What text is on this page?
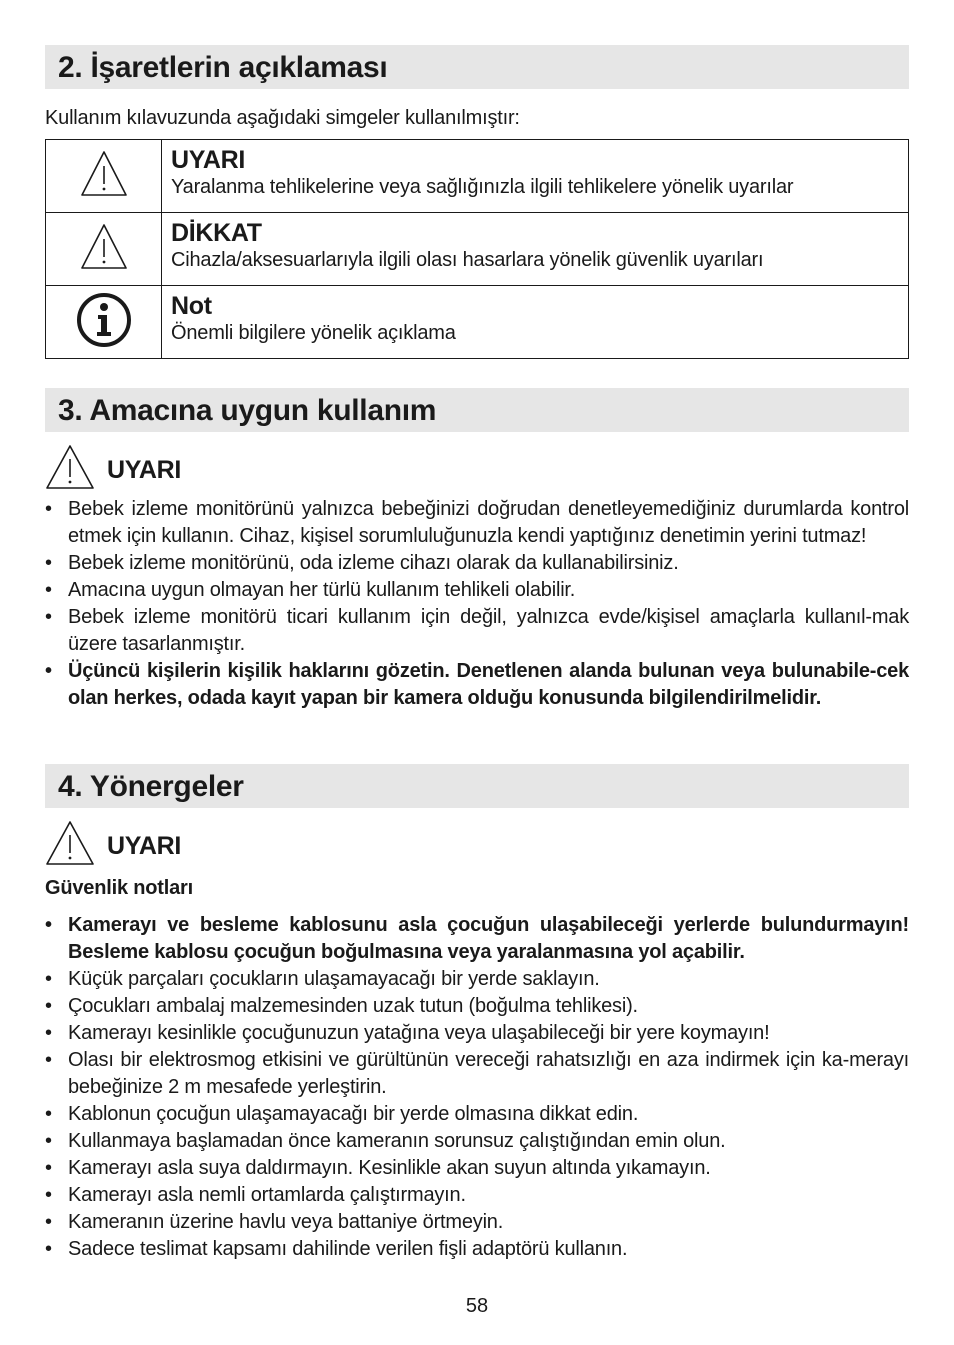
2. İşaretlerin açıklaması
Kullanım kılavuzunda aşağıdaki simgeler kullanılmıştır:

UYARI
Yaralanma tehlikelerine veya sağlığınızla ilgili tehlikelere yönelik uyarılar

DİKKAT
Cihazla/aksesuarlarıyla ilgili olası hasarlara yönelik güvenlik uyarıları

Not
Önemli bilgilere yönelik açıklama
3. Amacına uygun kullanım
UYARI
• Bebek izleme monitörünü yalnızca bebeğinizi doğrudan denetleyemediğiniz durumlarda kontrol etmek için kullanın. Cihaz, kişisel sorumluluğunuzla kendi yaptığınız denetimin yerini tutmaz!
• Bebek izleme monitörünü, oda izleme cihazı olarak da kullanabilirsiniz.
• Amacına uygun olmayan her türlü kullanım tehlikeli olabilir.
• Bebek izleme monitörü ticari kullanım için değil, yalnızca evde/kişisel amaçlarla kullanıl-mak üzere tasarlanmıştır.
• Üçüncü kişilerin kişilik haklarını gözetin. Denetlenen alanda bulunan veya bulunabile-cek olan herkes, odada kayıt yapan bir kamera olduğu konusunda bilgilendirilmelidir.
4. Yönergeler
UYARI
Güvenlik notları
• Kamerayı ve besleme kablosunu asla çocuğun ulaşabileceği yerlerde bulundurmayın! Besleme kablosu çocuğun boğulmasına veya yaralanmasına yol açabilir.
• Küçük parçaları çocukların ulaşamayacağı bir yerde saklayın.
• Çocukları ambalaj malzemesinden uzak tutun (boğulma tehlikesi).
• Kamerayı kesinlikle çocuğunuzun yatağına veya ulaşabileceği bir yere koymayın!
• Olası bir elektrosmog etkisini ve gürültünün vereceği rahatsızlığı en aza indirmek için ka-merayı bebeğinize 2 m mesafede yerleştirin.
• Kablonun çocuğun ulaşamayacağı bir yerde olmasına dikkat edin.
• Kullanmaya başlamadan önce kameranın sorunsuz çalıştığından emin olun.
• Kamerayı asla suya daldırmayın. Kesinlikle akan suyun altında yıkamayın.
• Kamerayı asla nemli ortamlarda çalıştırmayın.
• Kameranın üzerine havlu veya battaniye örtmeyin.
• Sadece teslimat kapsamı dahilinde verilen fişli adaptörü kullanın.
58
